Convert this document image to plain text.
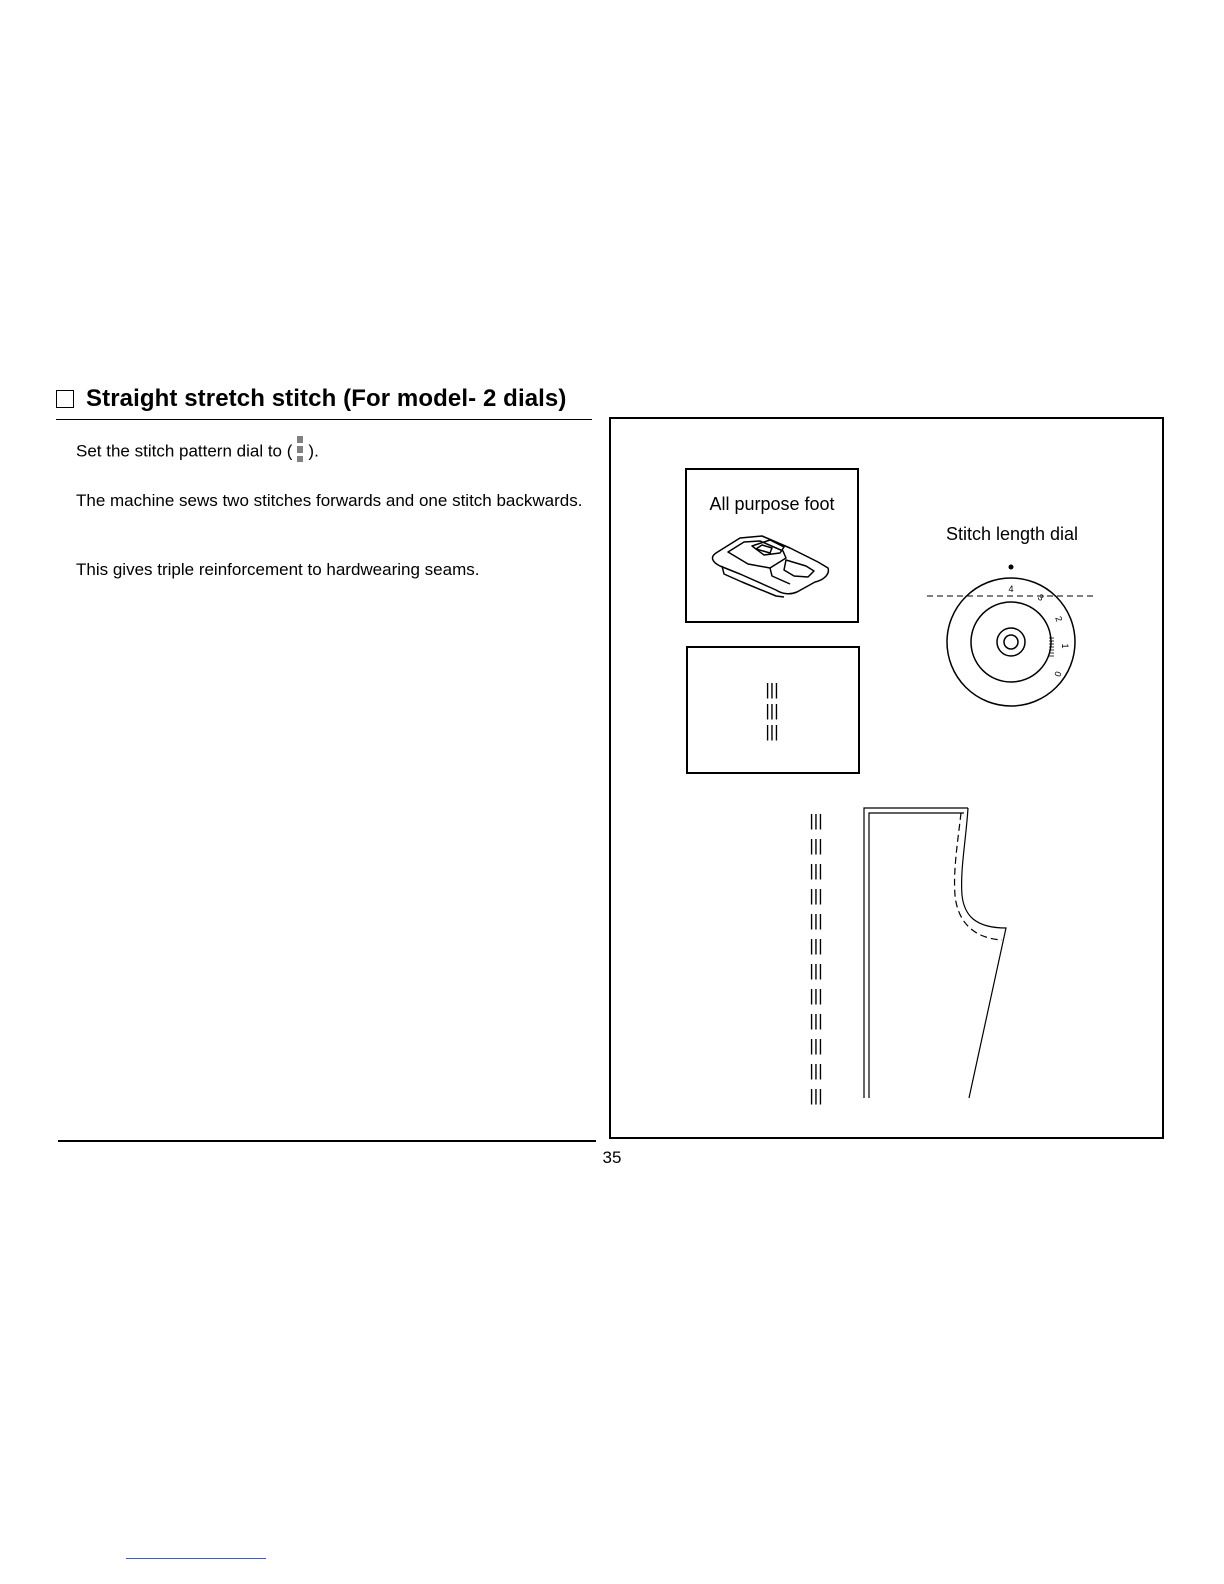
Straight stretch stitch (For model- 2 dials)
Set the stitch pattern dial to ( ).
The machine sews two stitches forwards and one stitch backwards.
This gives triple reinforcement to hardwearing seams.
35
All purpose foot
|||
|||
|||
Stitch length dial
4
3
2
1
0
|||
|||
|||
|||
|||
|||
|||
|||
|||
|||
|||
|||
